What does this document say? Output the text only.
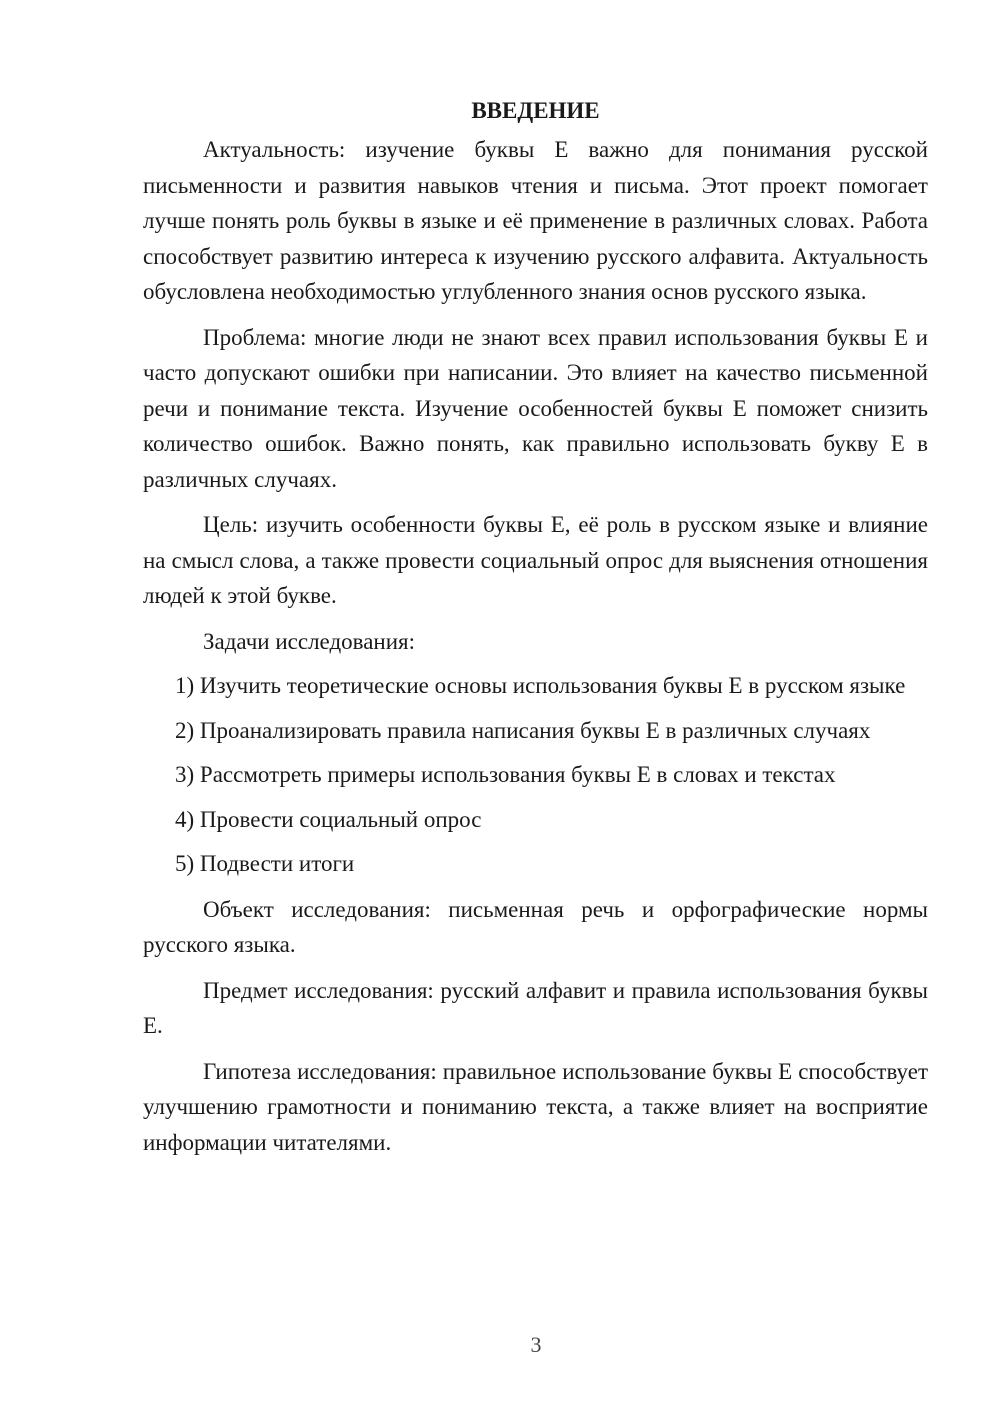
ВВЕДЕНИЕ

Актуальность: изучение буквы Е важно для понимания русской письменности и развития навыков чтения и письма. Этот проект помогает лучше понять роль буквы в языке и её применение в различных словах. Работа способствует развитию интереса к изучению русского алфавита. Актуальность обусловлена необходимостью углубленного знания основ русского языка.

Проблема: многие люди не знают всех правил использования буквы Е и часто допускают ошибки при написании. Это влияет на качество письменной речи и понимание текста. Изучение особенностей буквы Е поможет снизить количество ошибок. Важно понять, как правильно использовать букву Е в различных случаях.

Цель: изучить особенности буквы Е, её роль в русском языке и влияние на смысл слова, а также провести социальный опрос для выяснения отношения людей к этой букве.

Задачи исследования:

1) Изучить теоретические основы использования буквы Е в русском языке

2) Проанализировать правила написания буквы Е в различных случаях

3) Рассмотреть примеры использования буквы Е в словах и текстах

4) Провести социальный опрос

5) Подвести итоги

Объект исследования: письменная речь и орфографические нормы русского языка.

Предмет исследования: русский алфавит и правила использования буквы Е.

Гипотеза исследования: правильное использование буквы Е способствует улучшению грамотности и пониманию текста, а также влияет на восприятие информации читателями.

3
